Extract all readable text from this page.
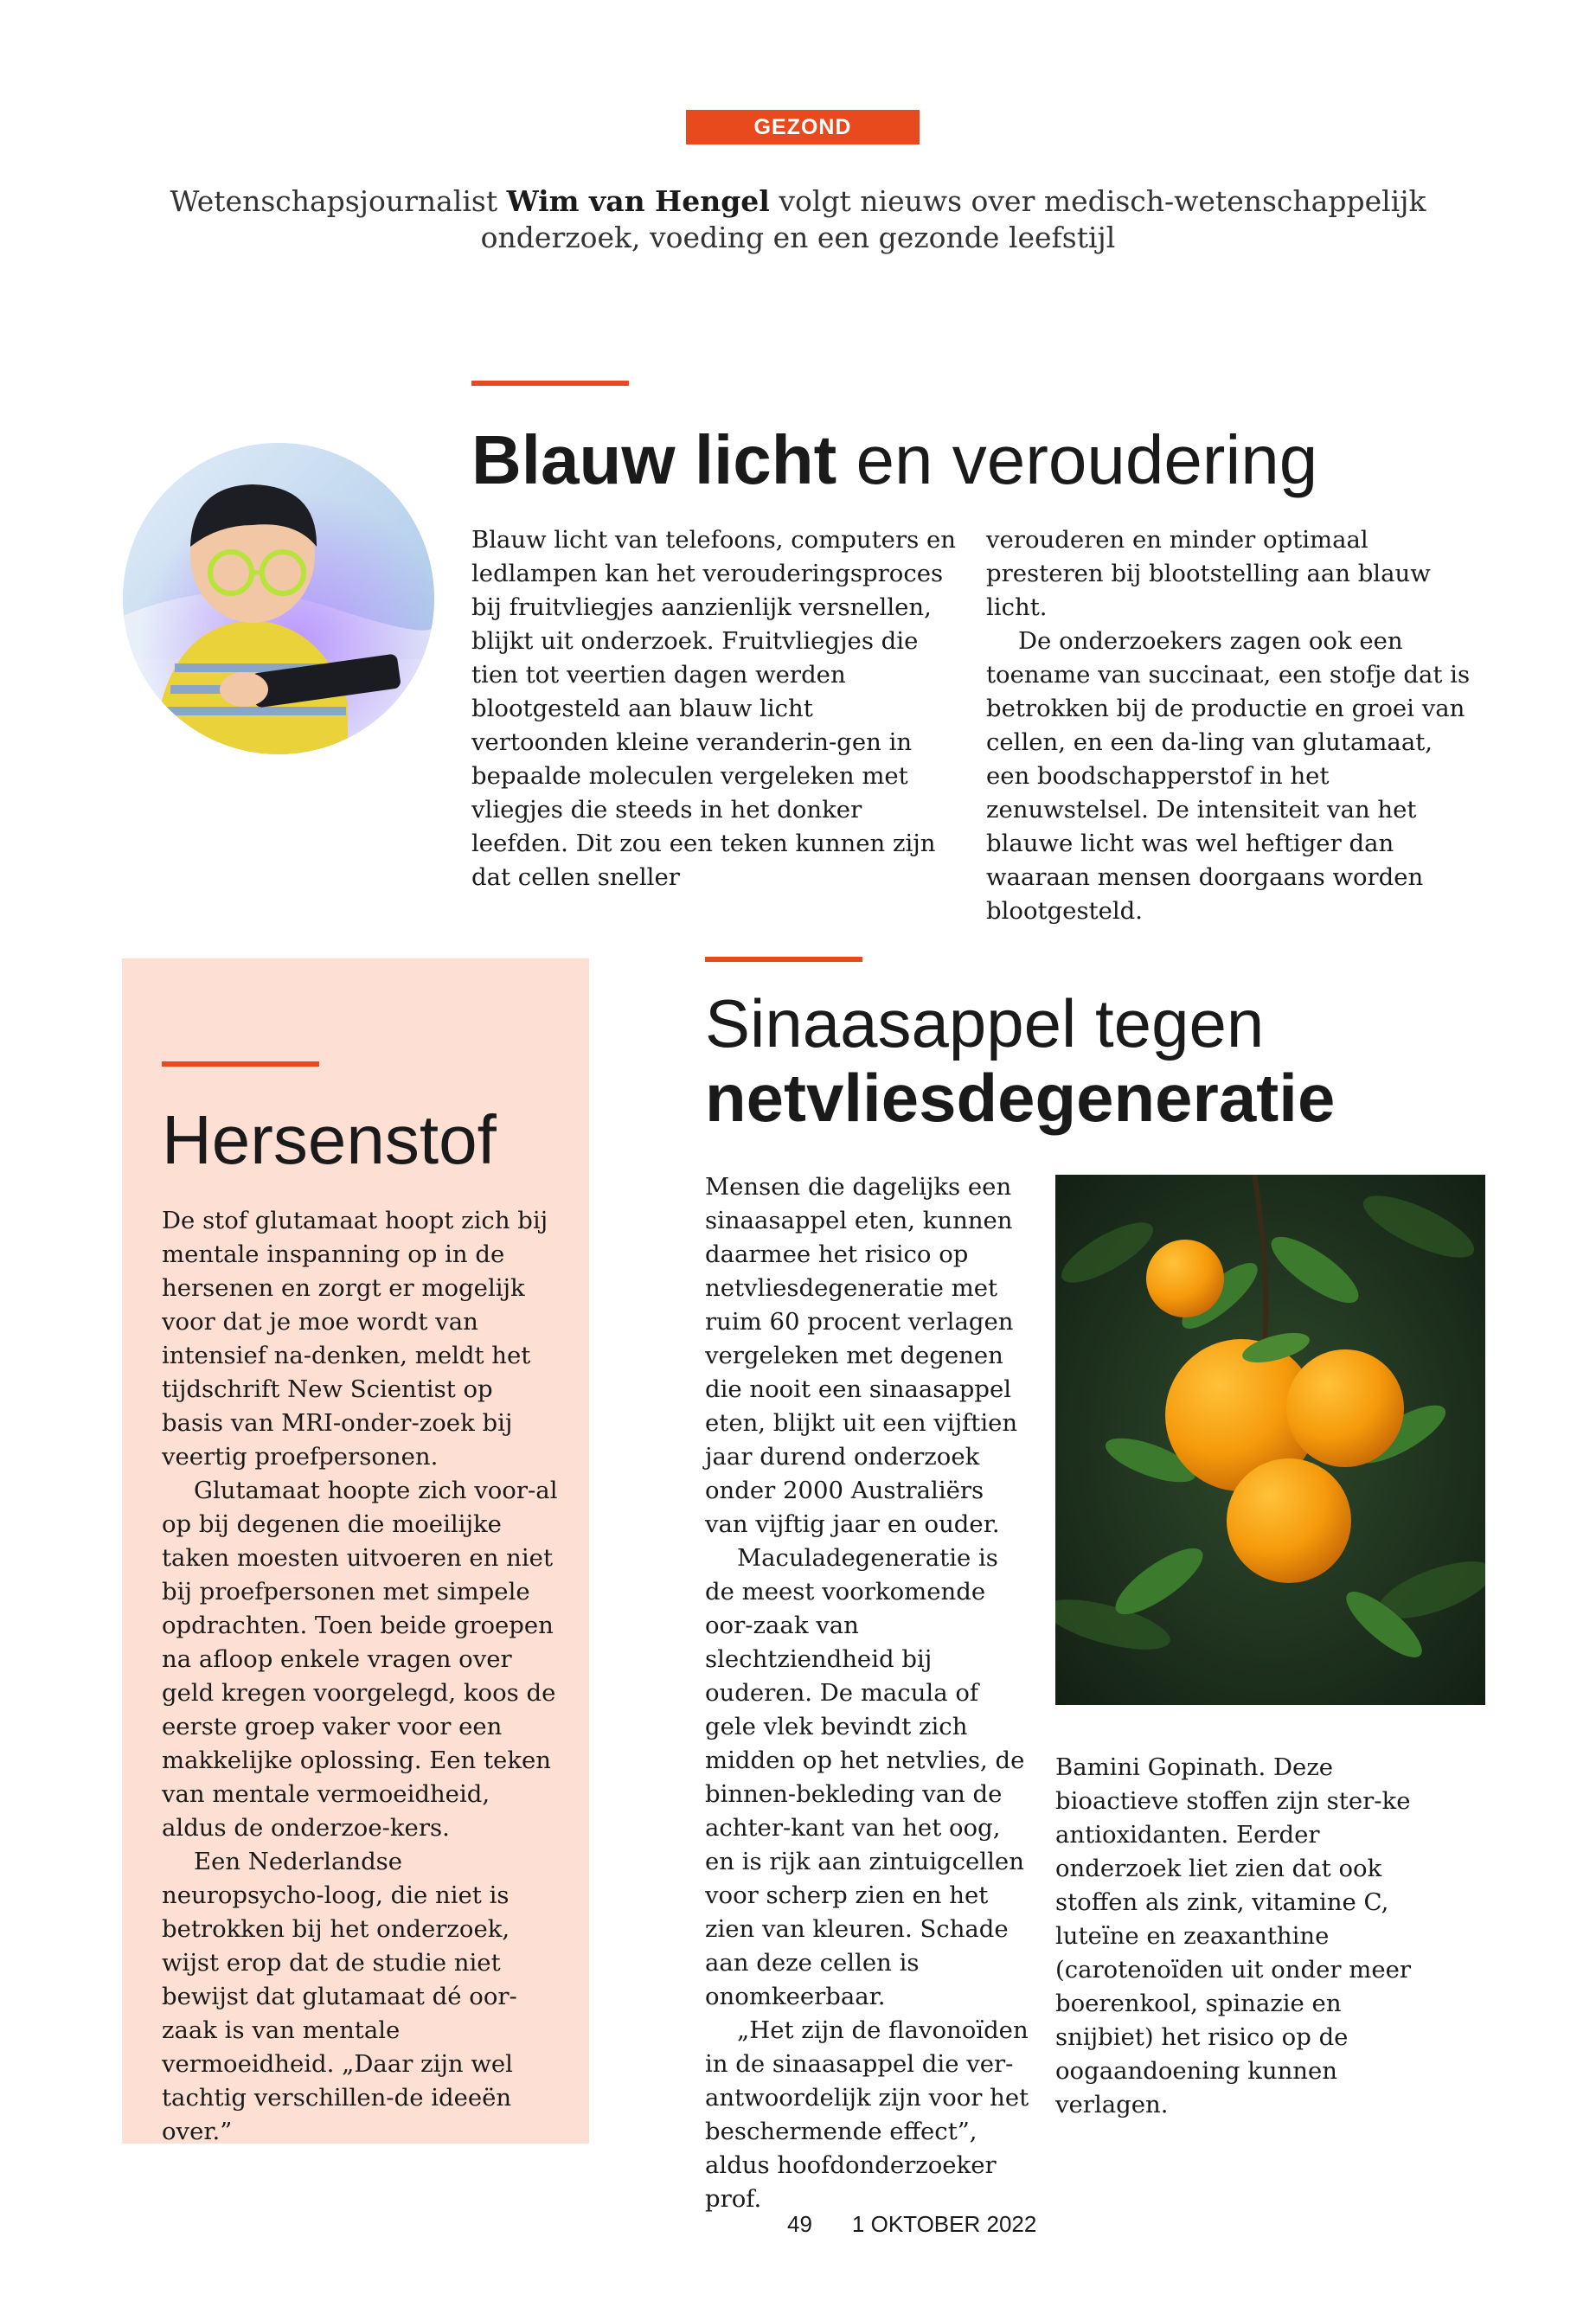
GEZOND
Wetenschapsjournalist Wim van Hengel volgt nieuws over medisch-wetenschappelijk onderzoek, voeding en een gezonde leefstijl
Blauw licht en veroudering

Blauw licht van telefoons, computers en ledlampen kan het verouderingsproces bij fruitvliegjes aanzienlijk versnellen, blijkt uit onderzoek. Fruitvliegjes die tien tot veertien dagen werden blootgesteld aan blauw licht vertoonden kleine veranderin-gen in bepaalde moleculen vergeleken met vliegjes die steeds in het donker leefden. Dit zou een teken kunnen zijn dat cellen sneller

verouderen en minder optimaal presteren bij blootstelling aan blauw licht.

De onderzoekers zagen ook een toename van succinaat, een stofje dat is betrokken bij de productie en groei van cellen, en een da-ling van glutamaat, een boodschapperstof in het zenuwstelsel. De intensiteit van het blauwe licht was wel heftiger dan waaraan mensen doorgaans worden blootgesteld.

Hersenstof

De stof glutamaat hoopt zich bij mentale inspanning op in de hersenen en zorgt er mogelijk voor dat je moe wordt van intensief na-denken, meldt het tijdschrift New Scientist op basis van MRI-onder-zoek bij veertig proefpersonen.

Glutamaat hoopte zich voor-al op bij degenen die moeilijke taken moesten uitvoeren en niet bij proefpersonen met simpele opdrachten. Toen beide groepen na afloop enkele vragen over geld kregen voorgelegd, koos de eerste groep vaker voor een makkelijke oplossing. Een teken van mentale vermoeidheid, aldus de onderzoe-kers.

Een Nederlandse neuropsycho-loog, die niet is betrokken bij het onderzoek, wijst erop dat de studie niet bewijst dat glutamaat dé oor-zaak is van mentale vermoeidheid. „Daar zijn wel tachtig verschillen-de ideeën over.”

Sinaasappel tegen
netvliesdegeneratie

Mensen die dagelijks een sinaasappel eten, kunnen daarmee het risico op netvliesdegeneratie met ruim 60 procent verlagen vergeleken met degenen die nooit een sinaasappel eten, blijkt uit een vijftien jaar durend onderzoek onder 2000 Australiërs van vijftig jaar en ouder.

Maculadegeneratie is de meest voorkomende oor-zaak van slechtziendheid bij ouderen. De macula of gele vlek bevindt zich midden op het netvlies, de binnen-bekleding van de achter-kant van het oog, en is rijk aan zintuigcellen voor scherp zien en het zien van kleuren. Schade aan deze cellen is onomkeerbaar.

„Het zijn de flavonoïden in de sinaasappel die ver-antwoordelijk zijn voor het beschermende effect”, aldus hoofdonderzoeker prof.

Bamini Gopinath. Deze bioactieve stoffen zijn ster-ke antioxidanten. Eerder onderzoek liet zien dat ook stoffen als zink, vitamine C, luteïne en zeaxanthine (carotenoïden uit onder meer boerenkool, spinazie en snijbiet) het risico op de oogaandoening kunnen verlagen.

49 1 OKTOBER 2022
